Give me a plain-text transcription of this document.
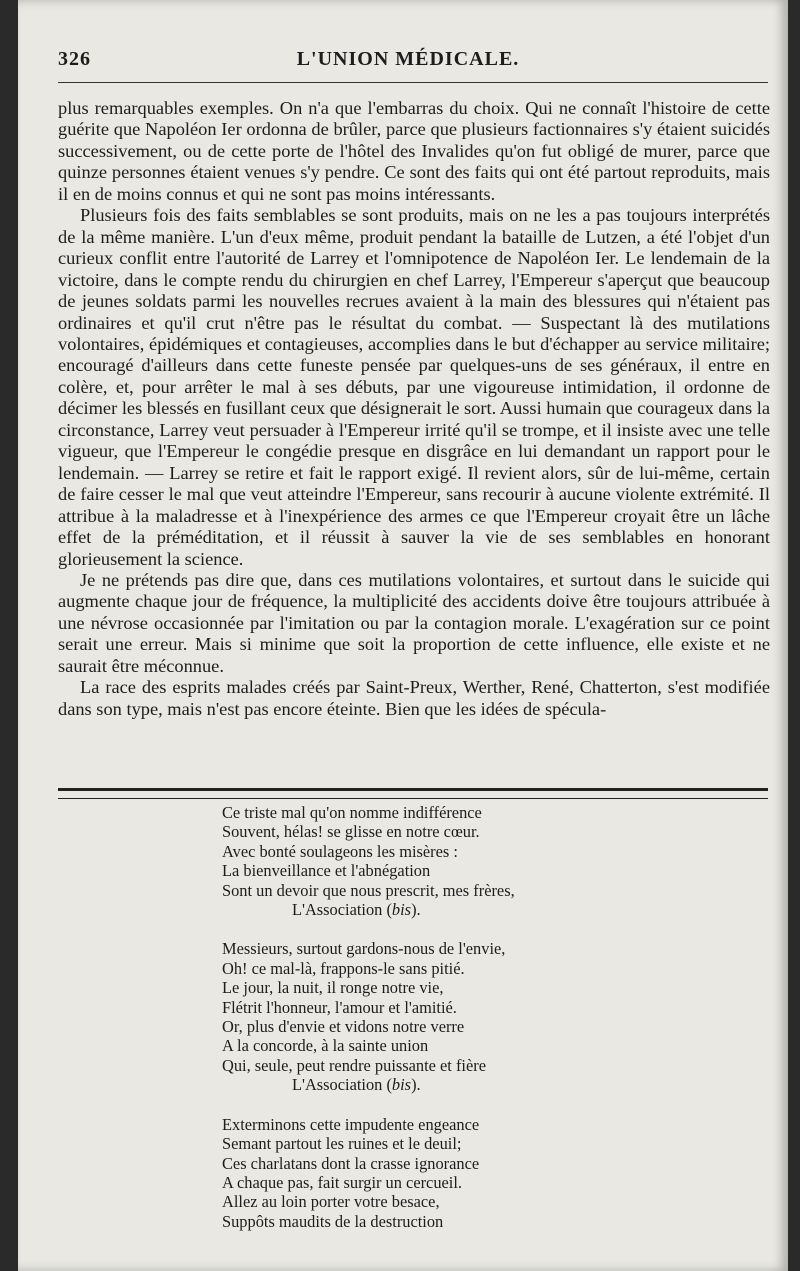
326	L'UNION MÉDICALE.

plus remarquables exemples. On n'a que l'embarras du choix. Qui ne connaît l'histoire de cette guérite que Napoléon Ier ordonna de brûler, parce que plusieurs factionnaires s'y étaient suicidés successivement, ou de cette porte de l'hôtel des Invalides qu'on fut obligé de murer, parce que quinze personnes étaient venues s'y pendre. Ce sont des faits qui ont été partout reproduits, mais il en de moins connus et qui ne sont pas moins intéressants.

Plusieurs fois des faits semblables se sont produits, mais on ne les a pas toujours interprétés de la même manière. L'un d'eux même, produit pendant la bataille de Lutzen, a été l'objet d'un curieux conflit entre l'autorité de Larrey et l'omnipotence de Napoléon Ier. Le lendemain de la victoire, dans le compte rendu du chirurgien en chef Larrey, l'Empereur s'aperçut que beaucoup de jeunes soldats parmi les nouvelles recrues avaient à la main des blessures qui n'étaient pas ordinaires et qu'il crut n'être pas le résultat du combat. — Suspectant là des mutilations volontaires, épidémiques et contagieuses, accomplies dans le but d'échapper au service militaire; encouragé d'ailleurs dans cette funeste pensée par quelques-uns de ses généraux, il entre en colère, et, pour arrêter le mal à ses débuts, par une vigoureuse intimidation, il ordonne de décimer les blessés en fusillant ceux que désignerait le sort. Aussi humain que courageux dans la circonstance, Larrey veut persuader à l'Empereur irrité qu'il se trompe, et il insiste avec une telle vigueur, que l'Empereur le congédie presque en disgrâce en lui demandant un rapport pour le lendemain. — Larrey se retire et fait le rapport exigé. Il revient alors, sûr de lui-même, certain de faire cesser le mal que veut atteindre l'Empereur, sans recourir à aucune violente extrémité. Il attribue à la maladresse et à l'inexpérience des armes ce que l'Empereur croyait être un lâche effet de la préméditation, et il réussit à sauver la vie de ses semblables en honorant glorieusement la science.

Je ne prétends pas dire que, dans ces mutilations volontaires, et surtout dans le suicide qui augmente chaque jour de fréquence, la multiplicité des accidents doive être toujours attribuée à une névrose occasionnée par l'imitation ou par la contagion morale. L'exagération sur ce point serait une erreur. Mais si minime que soit la proportion de cette influence, elle existe et ne saurait être méconnue.

La race des esprits malades créés par Saint-Preux, Werther, René, Chatterton, s'est modifiée dans son type, mais n'est pas encore éteinte. Bien que les idées de spécula-

Ce triste mal qu'on nomme indifférence
Souvent, hélas! se glisse en notre cœur.
Avec bonté soulageons les misères :
La bienveillance et l'abnégation
Sont un devoir que nous prescrit, mes frères,
L'Association (bis).
Messieurs, surtout gardons-nous de l'envie,
Oh! ce mal-là, frappons-le sans pitié.
Le jour, la nuit, il ronge notre vie,
Flétrit l'honneur, l'amour et l'amitié.
Or, plus d'envie et vidons notre verre
A la concorde, à la sainte union
Qui, seule, peut rendre puissante et fière
L'Association (bis).
Exterminons cette impudente engeance
Semant partout les ruines et le deuil;
Ces charlatans dont la crasse ignorance
A chaque pas, fait surgir un cercueil.
Allez au loin porter votre besace,
Suppôts maudits de la destruction
